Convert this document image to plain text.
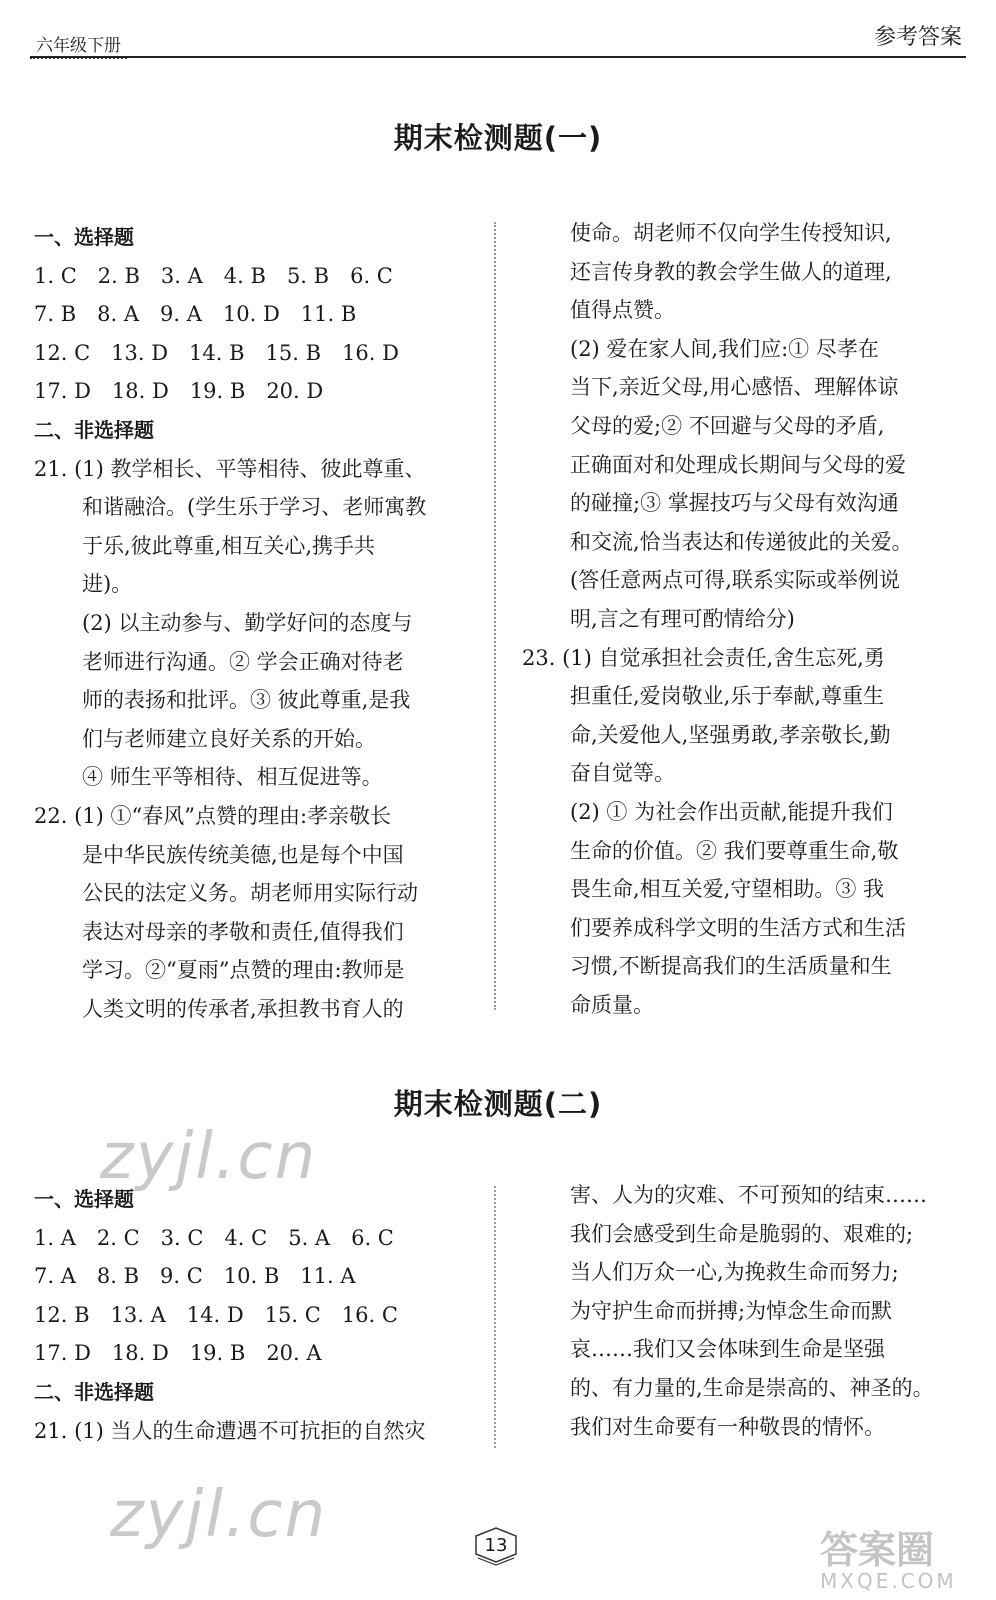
六年级下册	参考答案
期末检测题(一)
一、选择题
1. C　2. B　3. A　4. B　5. B　6. C
7. B　8. A　9. A　10. D　11. B
12. C　13. D　14. B　15. B　16. D
17. D　18. D　19. B　20. D
二、非选择题
21. (1) 教学相长、平等相待、彼此尊重、
和谐融洽。(学生乐于学习、老师寓教
于乐,彼此尊重,相互关心,携手共
进)。
(2) 以主动参与、勤学好问的态度与
老师进行沟通。② 学会正确对待老
师的表扬和批评。③ 彼此尊重,是我
们与老师建立良好关系的开始。
④ 师生平等相待、相互促进等。
22. (1) ①“春风”点赞的理由:孝亲敬长
是中华民族传统美德,也是每个中国
公民的法定义务。胡老师用实际行动
表达对母亲的孝敬和责任,值得我们
学习。②“夏雨”点赞的理由:教师是
人类文明的传承者,承担教书育人的
使命。胡老师不仅向学生传授知识,
还言传身教的教会学生做人的道理,
值得点赞。
(2) 爱在家人间,我们应:① 尽孝在
当下,亲近父母,用心感悟、理解体谅
父母的爱;② 不回避与父母的矛盾,
正确面对和处理成长期间与父母的爱
的碰撞;③ 掌握技巧与父母有效沟通
和交流,恰当表达和传递彼此的关爱。
(答任意两点可得,联系实际或举例说
明,言之有理可酌情给分)
23. (1) 自觉承担社会责任,舍生忘死,勇
担重任,爱岗敬业,乐于奉献,尊重生
命,关爱他人,坚强勇敢,孝亲敬长,勤
奋自觉等。
(2) ① 为社会作出贡献,能提升我们
生命的价值。② 我们要尊重生命,敬
畏生命,相互关爱,守望相助。③ 我
们要养成科学文明的生活方式和生活
习惯,不断提高我们的生活质量和生
命质量。
期末检测题(二)
一、选择题
1. A　2. C　3. C　4. C　5. A　6. C
7. A　8. B　9. C　10. B　11. A
12. B　13. A　14. D　15. C　16. C
17. D　18. D　19. B　20. A
二、非选择题
21. (1) 当人的生命遭遇不可抗拒的自然灾
害、人为的灾难、不可预知的结束……
我们会感受到生命是脆弱的、艰难的;
当人们万众一心,为挽救生命而努力;
为守护生命而拼搏;为悼念生命而默
哀……我们又会体味到生命是坚强
的、有力量的,生命是崇高的、神圣的。
我们对生命要有一种敬畏的情怀。
zyjl.cn
zyjl.cn	答案圈
MXQE.COM
13
